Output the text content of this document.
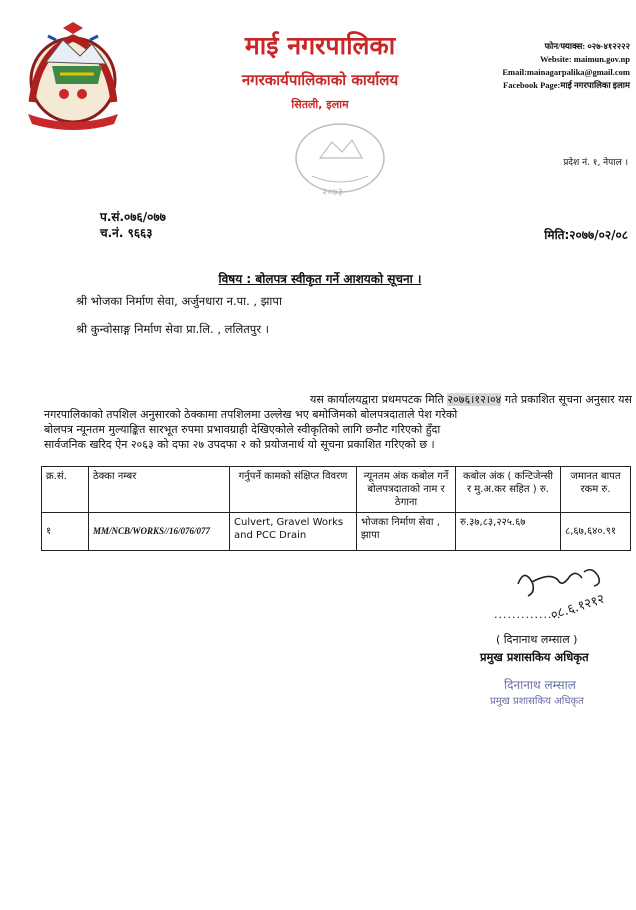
माई नगरपालिका
नगरकार्यपालिकाको कार्यालय
सितली, इलाम
फोन/फ्याक्स: ०२७-४१२२२२
Website: maimun.gov.np
Email:mainagarpalika@gmail.com
Facebook Page:माई नगरपालिका इलाम
२०७३
प्रदेश नं. १, नेपाल ।
प.सं.०७६/०७७
च.नं. ९६६३	मिति:२०७७/०२/०८
विषय : बोलपत्र स्वीकृत गर्ने आशयको सूचना ।
श्री भोजका निर्माण सेवा, अर्जुनधारा न.पा. , झापा
श्री कुन्वोसाङ्ग निर्माण सेवा प्रा.लि. , ललितपुर ।
यस कार्यालयद्वारा प्रथमपटक मिति २०७६।१२।०४ गते प्रकाशित सूचना अनुसार यस
नगरपालिकाको तपशिल अनुसारको ठेक्कामा तपशिलमा उल्लेख भए बमोजिमको बोलपत्रदाताले पेश गरेको
बोलपत्र न्यूनतम मुल्याङ्कित सारभूत रुपमा प्रभावग्राही देखिएकोले स्वीकृतिको लागि छनौट गरिएको हुँदा
सार्वजनिक खरिद ऐन २०६३ को दफा २७ उपदफा २ को प्रयोजनार्थ यो सूचना प्रकाशित गरिएको छ ।
क्र.सं.	ठेक्का नम्बर	गर्नुपर्ने कामको संक्षिप्त विवरण	न्यूनतम अंक कबोल गर्ने बोलपत्रदाताको नाम र ठेगाना	कबोल अंक ( कन्टिजेन्सी र मु.अ.कर सहित ) रु.	जमानत बापत रकम रु.
१	MM/NCB/WORKS//16/076/077	Culvert, Gravel Works and PCC Drain	भोजका निर्माण सेवा , झापा	रु.३७,८३,२२५.६७	८,६७,६४०.९१
०८.६.१२१२
...............
( दिनानाथ लम्साल )
प्रमुख प्रशासकिय अधिकृत
दिनानाथ लम्साल
प्रमुख प्रशासकिय अधिकृत
